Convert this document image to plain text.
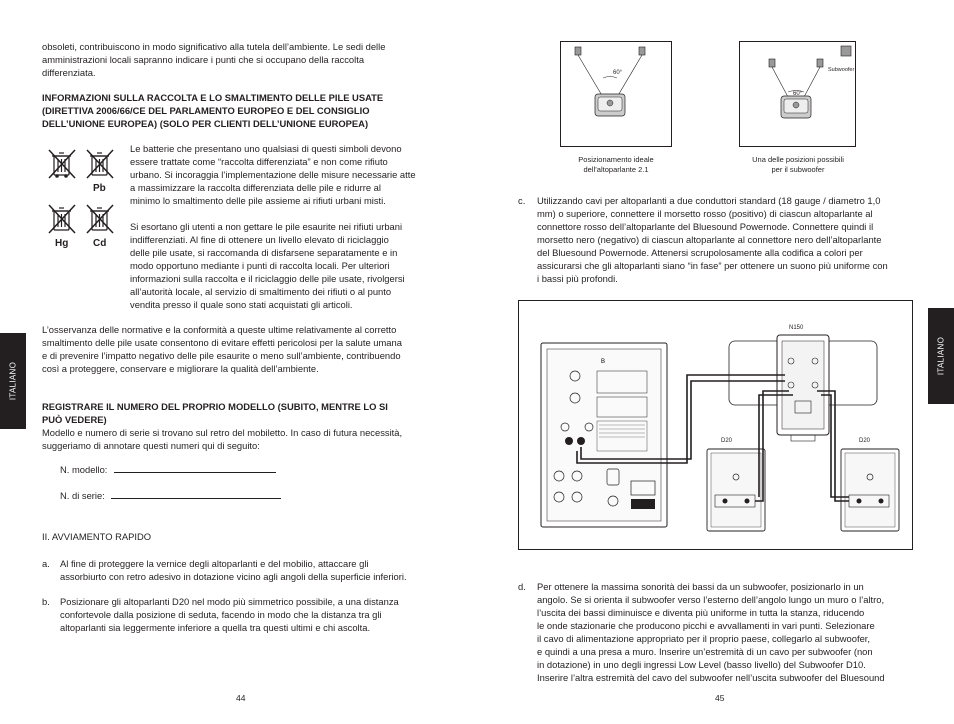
obsoleti, contribuiscono in modo significativo alla tutela dell’ambiente. Le sedi delle
amministrazioni locali sapranno indicare i punti che si occupano della raccolta
differenziata.
INFORMAZIONI SULLA RACCOLTA E LO SMALTIMENTO DELLE PILE USATE
(DIRETTIVA 2006/66/CE DEL PARLAMENTO EUROPEO E DEL CONSIGLIO
DELL’UNIONE EUROPEA) (SOLO PER CLIENTI DELL’UNIONE EUROPEA)
Pb
Hg Cd
Le batterie che presentano uno qualsiasi di questi simboli devono
essere trattate come “raccolta differenziata” e non come rifiuto
urbano. Si incoraggia l’implementazione delle misure necessarie atte
a massimizzare la raccolta differenziata delle pile e ridurre al
minimo lo smaltimento delle pile assieme ai rifiuti urbani misti.
Si esortano gli utenti a non gettare le pile esaurite nei rifiuti urbani
indifferenziati. Al fine di ottenere un livello elevato di riciclaggio
delle pile usate, si raccomanda di disfarsene separatamente e in
modo opportuno mediante i punti di raccolta locali. Per ulteriori
informazioni sulla raccolta e il riciclaggio delle pile usate, rivolgersi
all’autorità locale, al servizio di smaltimento dei rifiuti o al punto
vendita presso il quale sono stati acquistati gli articoli.
L’osservanza delle normative e la conformità a queste ultime relativamente al corretto
smaltimento delle pile usate consentono di evitare effetti pericolosi per la salute umana
e di prevenire l’impatto negativo delle pile esaurite o meno sull’ambiente, contribuendo
così a proteggere, conservare e migliorare la qualità dell’ambiente.
REGISTRARE IL NUMERO DEL PROPRIO MODELLO (SUBITO, MENTRE LO SI
PUÒ VEDERE)
Modello e numero di serie si trovano sul retro del mobiletto. In caso di futura necessità,
suggeriamo di annotare questi numeri qui di seguito:
N. modello:
N. di serie:
II. AVVIAMENTO RAPIDO
a. Al fine di proteggere la vernice degli altoparlanti e del mobilio, attaccare gli
assorbiurto con retro adesivo in dotazione vicino agli angoli della superficie inferiori.
b. Posizionare gli altoparlanti D20 nel modo più simmetrico possibile, a una distanza
confortevole dalla posizione di seduta, facendo in modo che la distanza tra gli
altoparlanti sia leggermente inferiore a quella tra questi ultimi e chi ascolta.
ITALIANO
44
60°
Posizionamento ideale
dell’altoparlante 2.1
60°
Subwoofer
Una delle posizioni possibili
per il subwoofer
c. Utilizzando cavi per altoparlanti a due conduttori standard (18 gauge / diametro 1,0
mm) o superiore, connettere il morsetto rosso (positivo) di ciascun altoparlante al
connettore rosso dell’altoparlante del Bluesound Powernode. Connettere quindi il
morsetto nero (negativo) di ciascun altoparlante al connettore nero dell’altoparlante
del Bluesound Powernode. Attenersi scrupolosamente alla codifica a colori per
assicurarsi che gli altoparlanti siano “in fase” per ottenere un suono più uniforme con
i bassi più profondi.
B
N150
D20	D20
d. Per ottenere la massima sonorità dei bassi da un subwoofer, posizionarlo in un
angolo. Se si orienta il subwoofer verso l’esterno dell’angolo lungo un muro o l’altro,
l’uscita dei bassi diminuisce e diventa più uniforme in tutta la stanza, riducendo
le onde stazionarie che producono picchi e avvallamenti in vari punti. Selezionare
il cavo di alimentazione appropriato per il proprio paese, collegarlo al subwoofer,
e quindi a una presa a muro. Inserire un’estremità di un cavo per subwoofer (non
in dotazione) in uno degli ingressi Low Level (basso livello) del Subwoofer D10.
Inserire l’altra estremità del cavo del subwoofer nell’uscita subwoofer del Bluesound
ITALIANO
45
